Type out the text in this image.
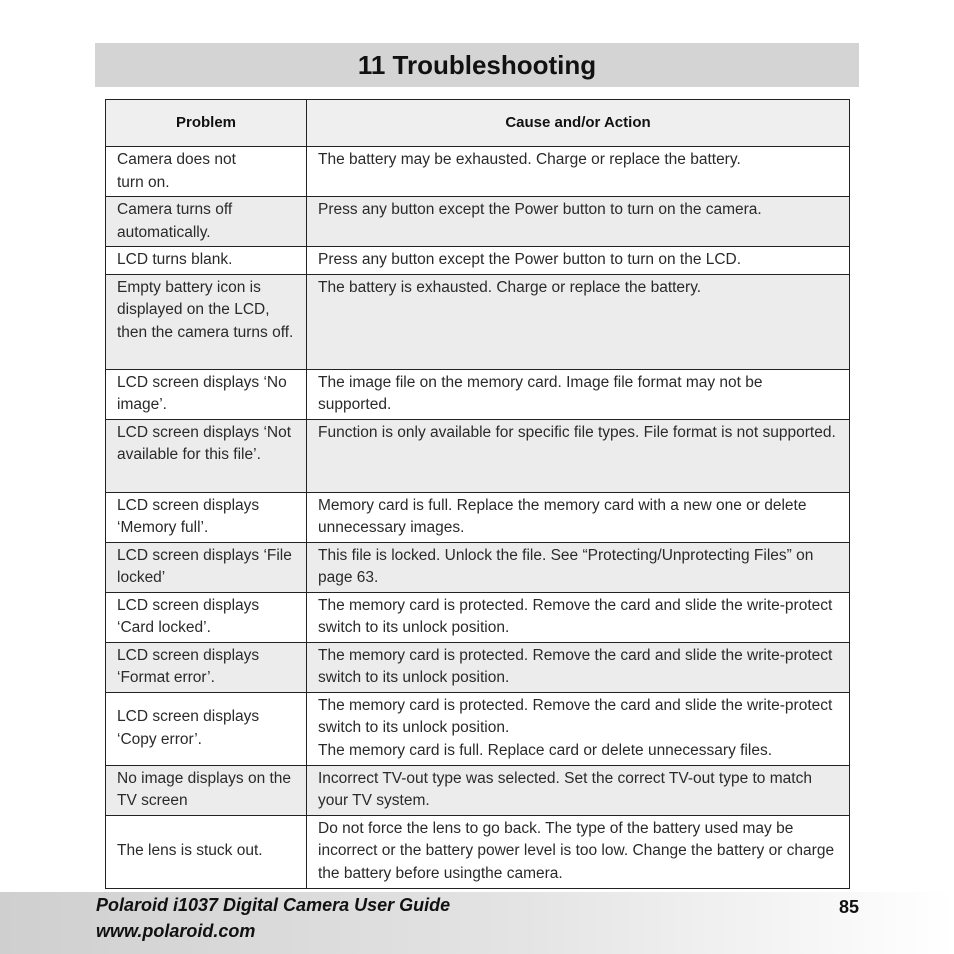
11 Troubleshooting
Problem	Cause and/or Action
Camera does not turn on.	The battery may be exhausted. Charge or replace the battery.
Camera turns off automatically.	Press any button except the Power button to turn on the camera.
LCD turns blank.	Press any button except the Power button to turn on the LCD.
Empty battery icon is displayed on the LCD, then the camera turns off.	The battery is exhausted. Charge or replace the battery.
LCD screen displays ‘No image’.	The image file on the memory card. Image file format may not be supported.
LCD screen displays ‘Not available for this file’.	Function is only available for specific file types. File format is not supported.
LCD screen displays ‘Memory full’.	Memory card is full. Replace the memory card with a new one or delete unnecessary images.
LCD screen displays ‘File locked’	This file is locked. Unlock the file. See “Protecting/Unprotecting Files” on page 63.
LCD screen displays ‘Card locked’.	The memory card is protected. Remove the card and slide the write-protect switch to its unlock position.
LCD screen displays ‘Format error’.	The memory card is protected. Remove the card and slide the write-protect switch to its unlock position.
LCD screen displays ‘Copy error’.	The memory card is protected. Remove the card and slide the write-protect switch to its unlock position.
The memory card is full. Replace card or delete unnecessary files.

No image displays on the TV screen	Incorrect TV-out type was selected. Set the correct TV-out type to match your TV system.
The lens is stuck out.	Do not force the lens to go back. The type of the battery used may be incorrect or the battery power level is too low. Change the battery or charge the battery before usingthe camera.
Polaroid i1037 Digital Camera User Guide
www.polaroid.com
85
